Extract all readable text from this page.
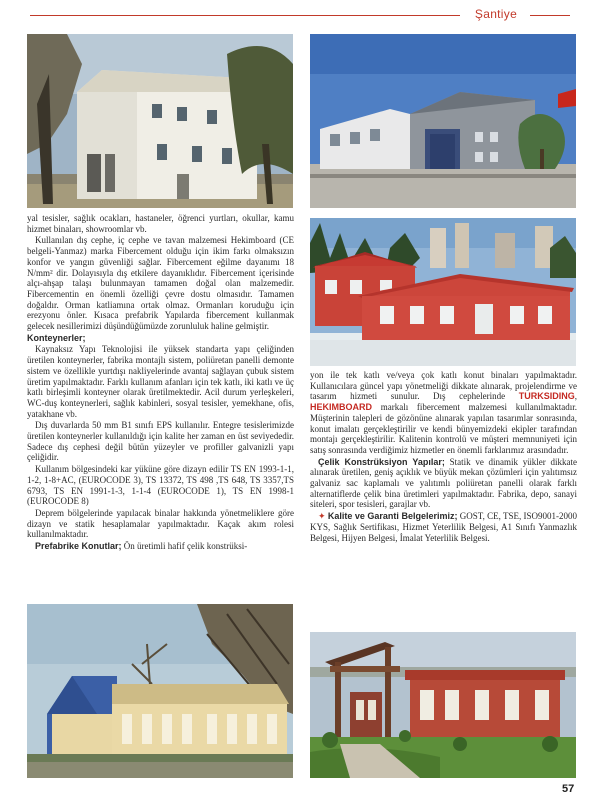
Şantiye

yal tesisler, sağlık ocakları, hastaneler, öğrenci yurtları, okullar, kamu hizmet binaları, showroomlar vb.

Kullanılan dış cephe, iç cephe ve tavan malzemesi Hekimboard (CE belgeli-Yanmaz) marka Fibercement olduğu için ikim farkı olmaksızın konfor ve yangın güvenliği sağlar. Fibercement eğilme dayanımı 18 N/mm² dir. Dolayısıyla dış etkilere dayanıklıdır. Fibercement içerisinde alçı-ahşap talaşı bulunmayan tamamen doğal olan malzemedir. Fibercementin en önemli özelliği çevre dostu olmasıdır. Tamamen doğaldır. Orman katliamına ortak olmaz. Ormanları koruduğu için erezyonu önler. Kısaca prefabrik Yapılarda fibercement kullanmak gelecek nesillerimizi düşündüğümüzde zorunluluk haline gelmiştir.

Konteynerler;

Kaynaksız Yapı Teknolojisi ile yüksek standarta yapı çeliğinden üretilen konteynerler, fabrika montajlı sistem, poliüretan panelli demonte sistem ve özellikle yurtdışı nakliyelerinde avantaj sağlayan çubuk sistem üretim yapılmaktadır. Farklı kullanım afanları için tek katlı, iki katlı ve üç katlı birleşimli konteyner olarak üretilmektedir. Acil durum yerleşkeleri, WC-duş konteynerleri, sağlık kabinleri, sosyal tesisler, yemekhane, ofis, yatakhane vb.

Dış duvarlarda 50 mm B1 sınıfı EPS kullanılır. Entegre tesislerimizde üretilen konteynerler kullanıldığı için kalite her zaman en üst seviyededir. Sadece dış cephesi değil bütün yüzeyler ve profiller galvanizli yapı çeliğidir.

Kullanım bölgesindeki kar yüküne göre dizayn edilir TS EN 1993-1-1, 1-2, 1-8+AC, (EUROCODE 3), TS 13372, TS 498 ,TS 648, TS 3357,TS 6793, TS EN 1991-1-3, 1-1-4 (EUROCODE 1), TS EN 1998-1 (EUROCODE 8)

Deprem bölgelerinde yapılacak binalar hakkında yönetmeliklere göre dizayn ve statik hesaplamalar yapılmaktadır. Kaçak akım rolesi kullanılmaktadır.

Prefabrike Konutlar; Ön üretimli hafif çelik konstrüksi-

yon ile tek katlı ve/veya çok katlı konut binaları yapılmaktadır. Kullanıcılara güncel yapı yönetmeliği dikkate alınarak, projelendirme ve tasarım hizmeti sunulur. Dış cephelerinde TURKSIDING, HEKIMBOARD markalı fibercement malzemesi kullanılmaktadır. Müşterinin talepleri de gözönüne alınarak yapılan tasarımlar sonrasında, konut imalatı gerçekleştirilir ve kendi bünyemizdeki ekipler tarafından montajı gerçekleştirilir. Kalitenin kontrolü ve müşteri memnuniyeti için satış sonrasında verdiğimiz hizmetler en önemli farklarımız arasındadır.

Çelik Konstrüksiyon Yapılar; Statik ve dinamik yükler dikkate alınarak üretilen, geniş açıklık ve büyük mekan çözümleri için yalıtımsız galvaniz sac kaplamalı ve yalıtımlı poliüretan panelli olarak farklı alternatiflerde çelik bina üretimleri yapılmaktadır. Fabrika, depo, sanayi siteleri, spor tesisleri, garajlar vb.

✦ Kalite ve Garanti Belgelerimiz; GOST, CE, TSE, ISO9001-2000 KYS, Sağlık Sertifikası, Hizmet Yeterlilik Belgesi, A1 Sınıfı Yanmazlık Belgesi, Hijyen Belgesi, İmalat Yeterlilik Belgesi.

57
